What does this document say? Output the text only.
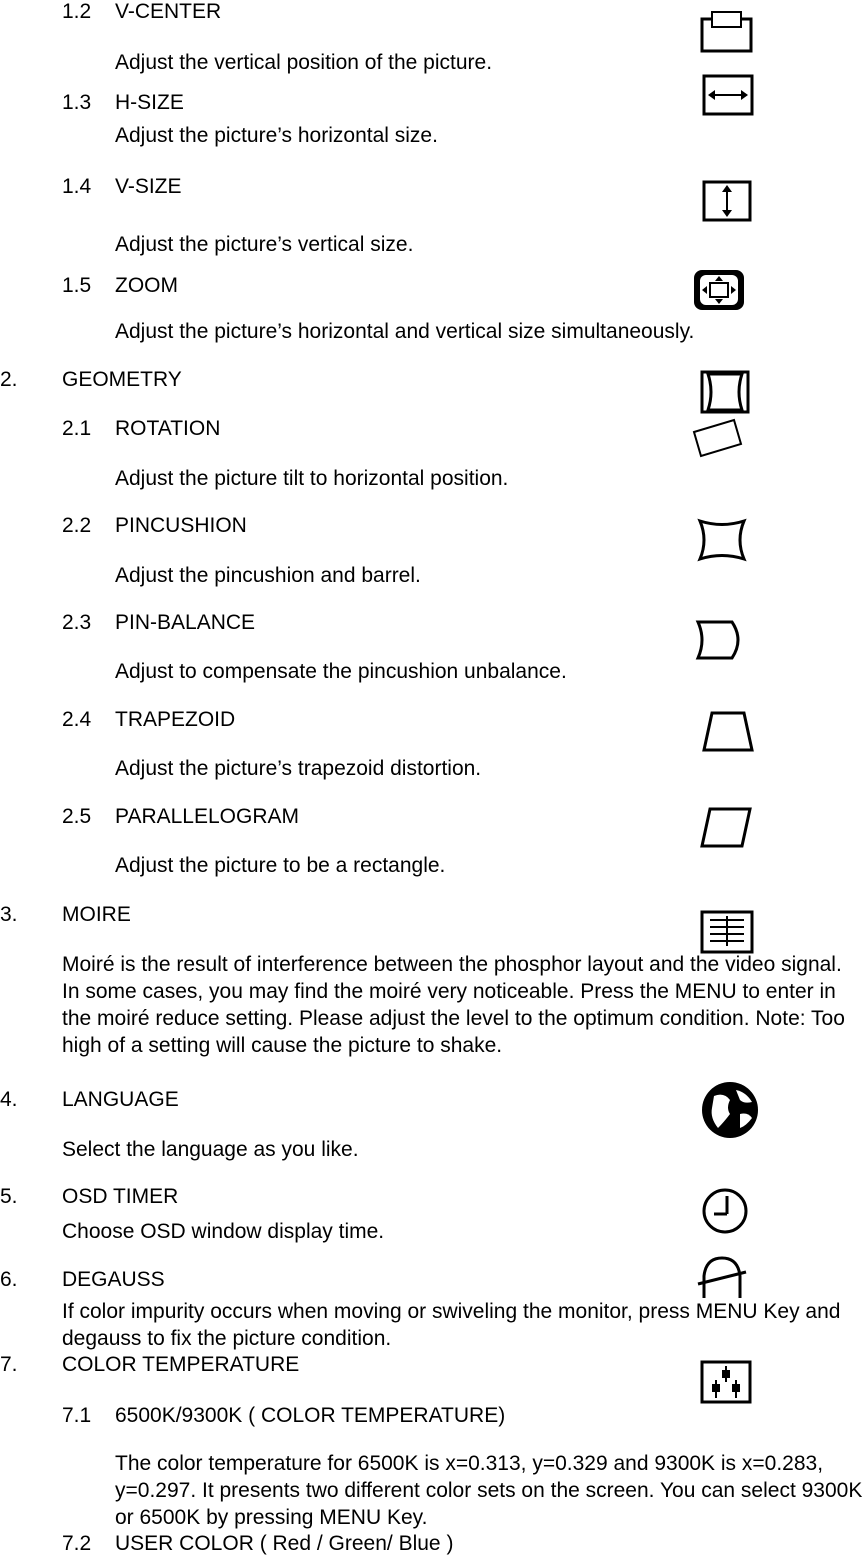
1.2 V-CENTER
Adjust the vertical position of the picture.
1.3 H-SIZE
Adjust the picture’s horizontal size.
1.4 V-SIZE
Adjust the picture’s vertical size.
1.5 ZOOM
Adjust the picture’s horizontal and vertical size simultaneously.
2. GEOMETRY
2.1 ROTATION
Adjust the picture tilt to horizontal position.
2.2 PINCUSHION
Adjust the pincushion and barrel.
2.3 PIN-BALANCE
Adjust to compensate the pincushion unbalance.
2.4 TRAPEZOID
Adjust the picture’s trapezoid distortion.
2.5 PARALLELOGRAM
Adjust the picture to be a rectangle.
3. MOIRE
Moiré is the result of interference between the phosphor layout and the video signal. In some cases, you may find the moiré very noticeable. Press the MENU to enter in the moiré reduce setting. Please adjust the level to the optimum condition. Note: Too high of a setting will cause the picture to shake.
4. LANGUAGE
Select the language as you like.
5. OSD TIMER
Choose OSD window display time.
6. DEGAUSS
If color impurity occurs when moving or swiveling the monitor, press MENU Key and degauss to fix the picture condition.
7. COLOR TEMPERATURE
7.1 6500K/9300K ( COLOR TEMPERATURE)
The color temperature for 6500K is x=0.313, y=0.329 and 9300K is x=0.283, y=0.297. It presents two different color sets on the screen. You can select 9300K or 6500K by pressing MENU Key.
7.2 USER COLOR ( Red / Green/ Blue )
